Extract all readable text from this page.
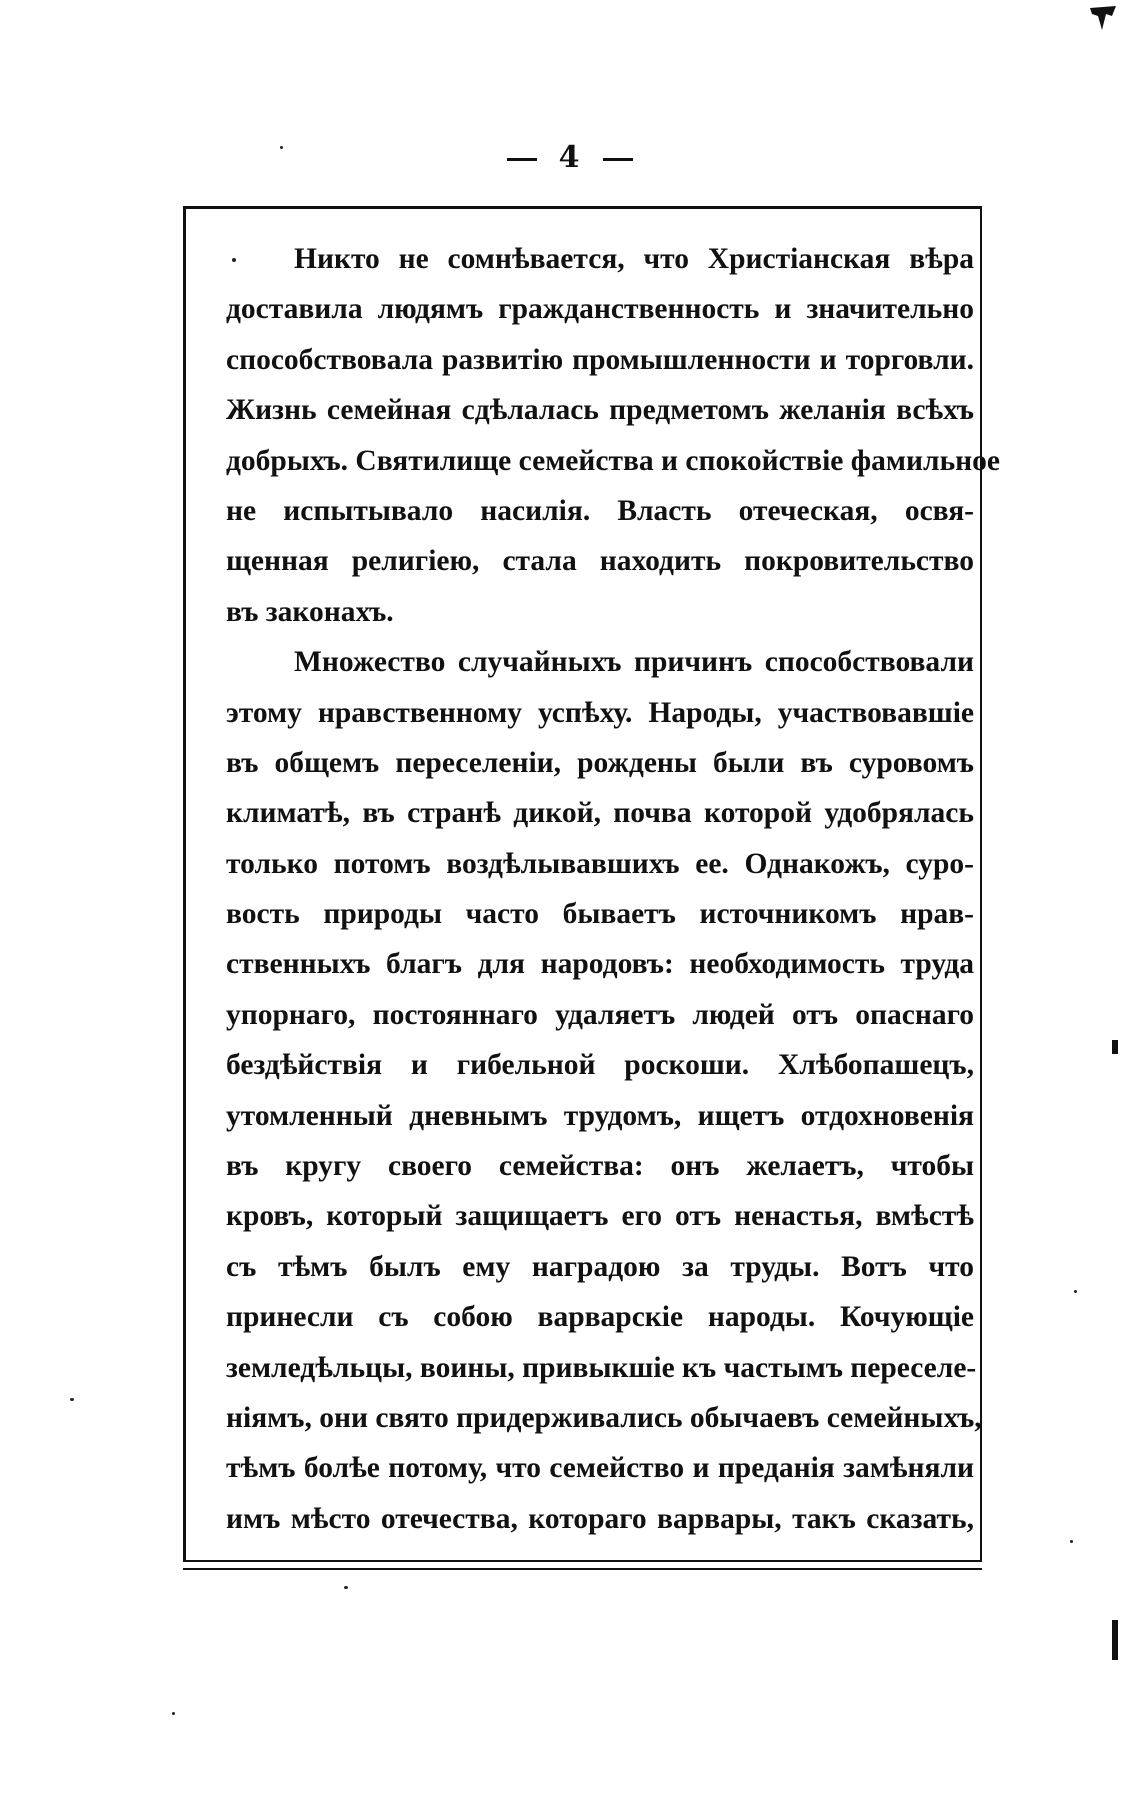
4
Никто не сомнѣвается, что Христіанская вѣра
доставила людямъ гражданственность и значительно
способствовала развитію промышленности и торговли.
Жизнь семейная сдѣлалась предметомъ желанія всѣхъ
добрыхъ. Святилище семейства и спокойствіе фамильное
не испытывало насилія. Власть отеческая, освя-
щенная религіею, стала находить покровительство
въ законахъ.
Множество случайныхъ причинъ способствовали
этому нравственному успѣху. Народы, участвовавшіе
въ общемъ переселеніи, рождены были въ суровомъ
климатѣ, въ странѣ дикой, почва которой удобрялась
только потомъ воздѣлывавшихъ ее. Однакожъ, суро-
вость природы часто бываетъ источникомъ нрав-
ственныхъ благъ для народовъ: необходимость труда
упорнаго, постояннаго удаляетъ людей отъ опаснаго
бездѣйствія и гибельной роскоши. Хлѣбопашецъ,
утомленный дневнымъ трудомъ, ищетъ отдохновенія
въ кругу своего семейства: онъ желаетъ, чтобы
кровъ, который защищаетъ его отъ ненастья, вмѣстѣ
съ тѣмъ былъ ему наградою за труды. Вотъ что
принесли съ собою варварскіе народы. Кочующіе
земледѣльцы, воины, привыкшіе къ частымъ переселе-
ніямъ, они свято придерживались обычаевъ семейныхъ,
тѣмъ болѣе потому, что семейство и преданія замѣняли
имъ мѣсто отечества, котораго варвары, такъ сказать,
